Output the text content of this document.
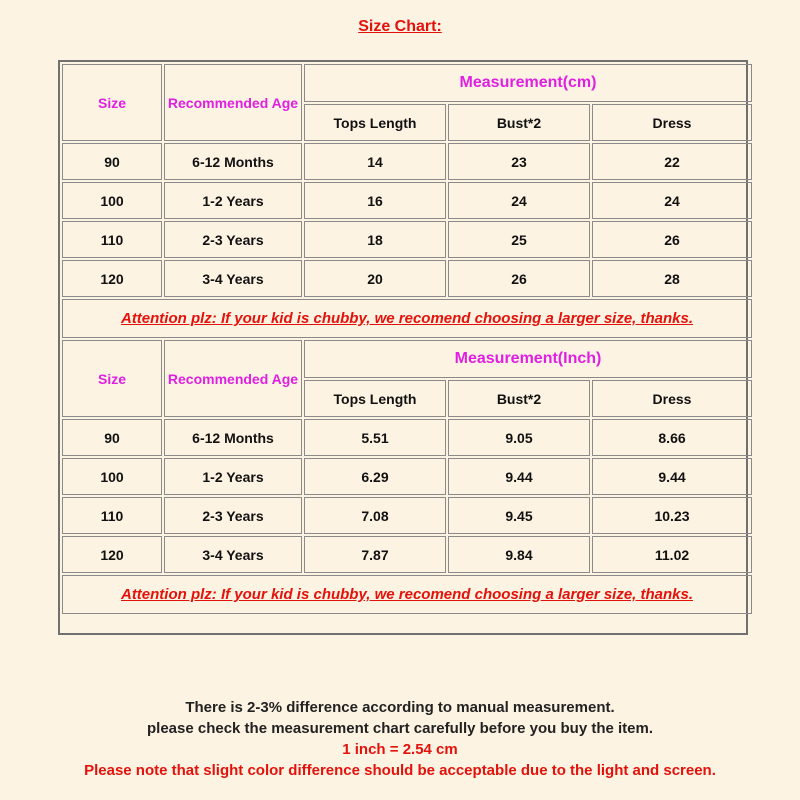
Size Chart:
Size	Recommended Age	Measurement(cm)		
		Tops Length	Bust*2	Dress
90	6-12 Months	14	23	22
100	1-2 Years	16	24	24
110	2-3 Years	18	25	26
120	3-4 Years	20	26	28
Attention plz: If your kid is chubby, we recomend choosing a larger size, thanks.				
Size	Recommended Age	Measurement(Inch)		
		Tops Length	Bust*2	Dress
90	6-12 Months	5.51	9.05	8.66
100	1-2 Years	6.29	9.44	9.44
110	2-3 Years	7.08	9.45	10.23
120	3-4 Years	7.87	9.84	11.02
Attention plz: If your kid is chubby, we recomend choosing a larger size, thanks.				
There is 2-3% difference according to manual measurement.
please check the measurement chart carefully before you buy the item.
1 inch = 2.54 cm
Please note that slight color difference should be acceptable due to the light and screen.
